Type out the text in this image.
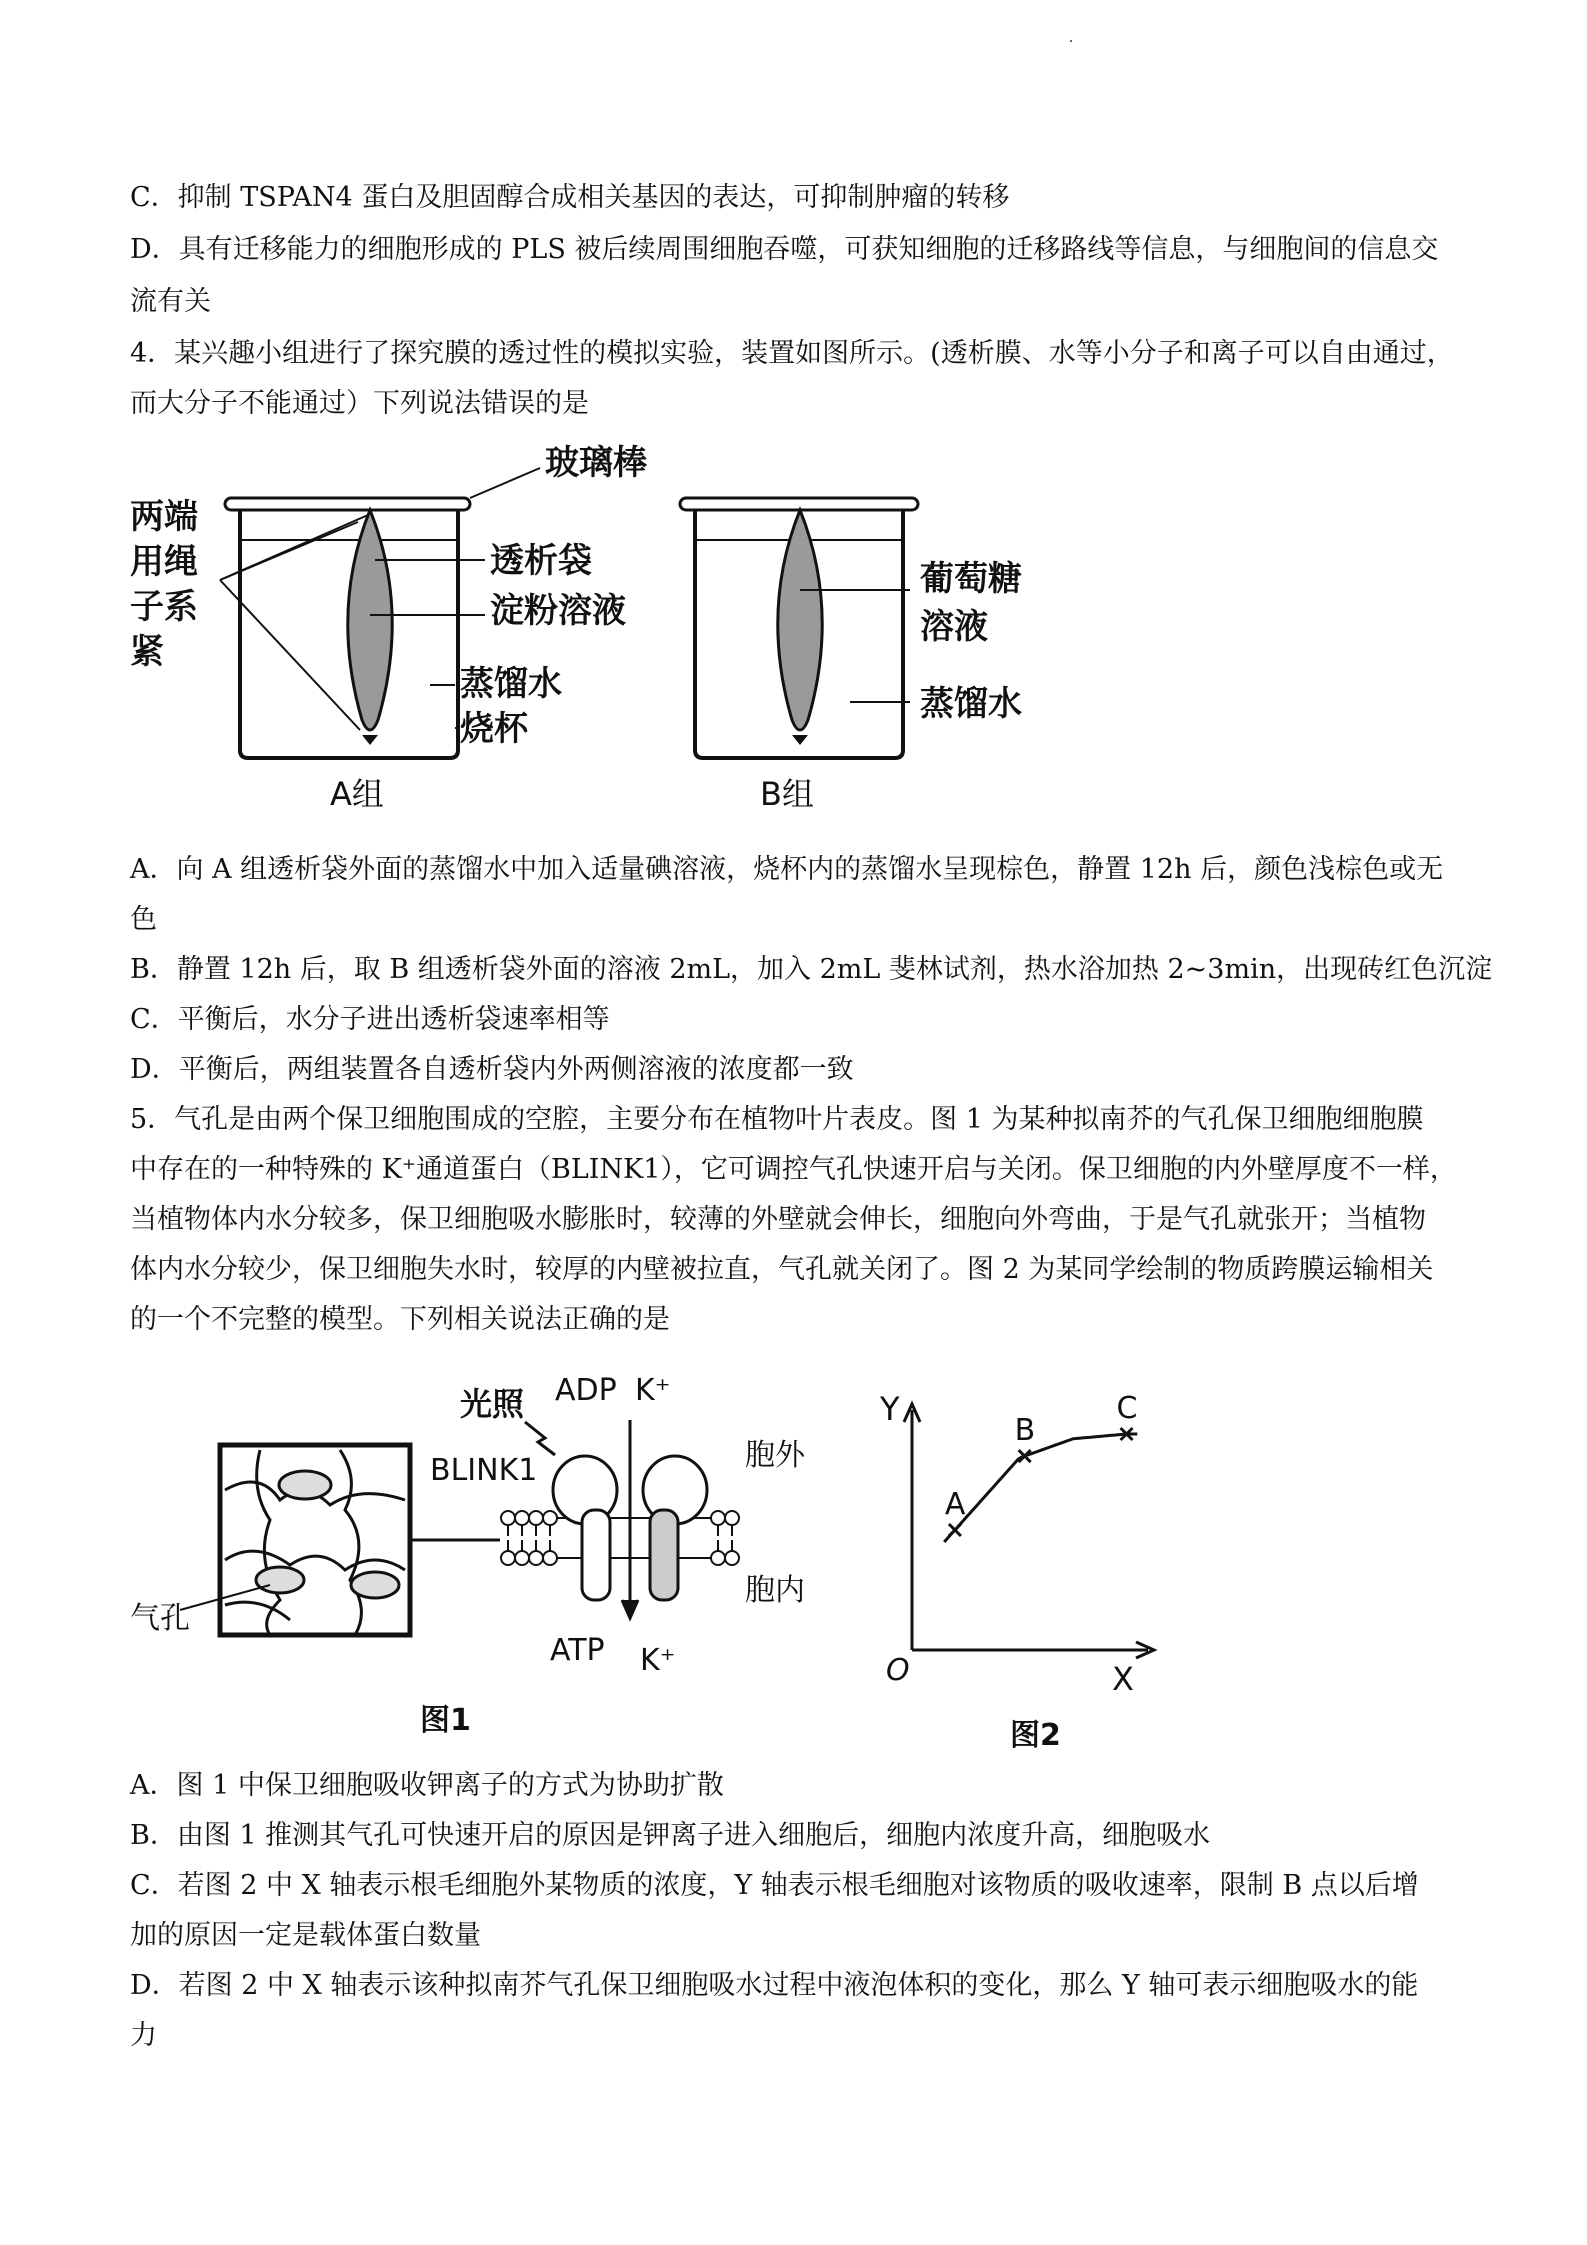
C．抑制 TSPAN4 蛋白及胆固醇合成相关基因的表达，可抑制肿瘤的转移
D．具有迁移能力的细胞形成的 PLS 被后续周围细胞吞噬，可获知细胞的迁移路线等信息，与细胞间的信息交
流有关
4．某兴趣小组进行了探究膜的透过性的模拟实验，装置如图所示。(透析膜、水等小分子和离子可以自由通过，
而大分子不能通过）下列说法错误的是
玻璃棒
两端
用绳
子系
紧
透析袋
淀粉溶液
蒸馏水
烧杯
A组
葡萄糖
溶液
蒸馏水
B组
A．向 A 组透析袋外面的蒸馏水中加入适量碘溶液，烧杯内的蒸馏水呈现棕色，静置 12h 后，颜色浅棕色或无
色
B．静置 12h 后，取 B 组透析袋外面的溶液 2mL，加入 2mL 斐林试剂，热水浴加热 2~3min，出现砖红色沉淀
C．平衡后，水分子进出透析袋速率相等
D．平衡后，两组装置各自透析袋内外两侧溶液的浓度都一致
5．气孔是由两个保卫细胞围成的空腔，主要分布在植物叶片表皮。图 1 为某种拟南芥的气孔保卫细胞细胞膜
中存在的一种特殊的 K⁺通道蛋白（BLINK1），它可调控气孔快速开启与关闭。保卫细胞的内外壁厚度不一样，
当植物体内水分较多，保卫细胞吸水膨胀时，较薄的外壁就会伸长，细胞向外弯曲，于是气孔就张开；当植物
体内水分较少，保卫细胞失水时，较厚的内壁被拉直，气孔就关闭了。图 2 为某同学绘制的物质跨膜运输相关
的一个不完整的模型。下列相关说法正确的是
气孔
光照 ADP K⁺
BLINK1	胞外
胞内
ATP K⁺
图1
A
B
C
Y
X
O
图2
A．图 1 中保卫细胞吸收钾离子的方式为协助扩散
B．由图 1 推测其气孔可快速开启的原因是钾离子进入细胞后，细胞内浓度升高，细胞吸水
C．若图 2 中 X 轴表示根毛细胞外某物质的浓度，Y 轴表示根毛细胞对该物质的吸收速率，限制 B 点以后增
加的原因一定是载体蛋白数量
D．若图 2 中 X 轴表示该种拟南芥气孔保卫细胞吸水过程中液泡体积的变化，那么 Y 轴可表示细胞吸水的能
力
